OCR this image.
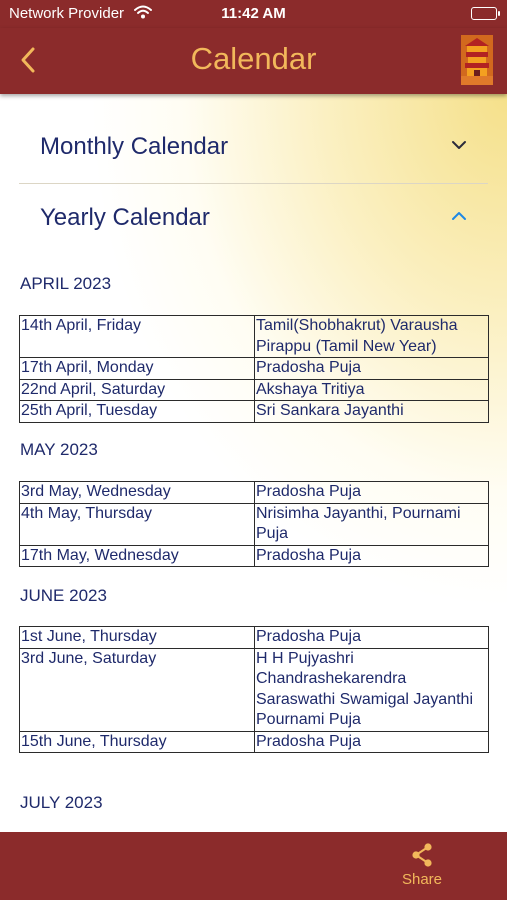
Network Provider	11:42 AM
Calendar
Monthly Calendar
Yearly Calendar
APRIL 2023
14th April, Friday	Tamil(Shobhakrut) Varausha Pirappu (Tamil New Year)
17th April, Monday	Pradosha Puja
22nd April, Saturday	Akshaya Tritiya
25th April, Tuesday	Sri Sankara Jayanthi
MAY 2023
3rd May, Wednesday	Pradosha Puja
4th May, Thursday	Nrisimha Jayanthi, Pournami Puja
17th May, Wednesday	Pradosha Puja
JUNE 2023
1st June, Thursday	Pradosha Puja
3rd June, Saturday	H H Pujyashri Chandrashekarendra Saraswathi Swamigal Jayanthi
Pournami Puja
15th June, Thursday	Pradosha Puja
JULY 2023
Share
